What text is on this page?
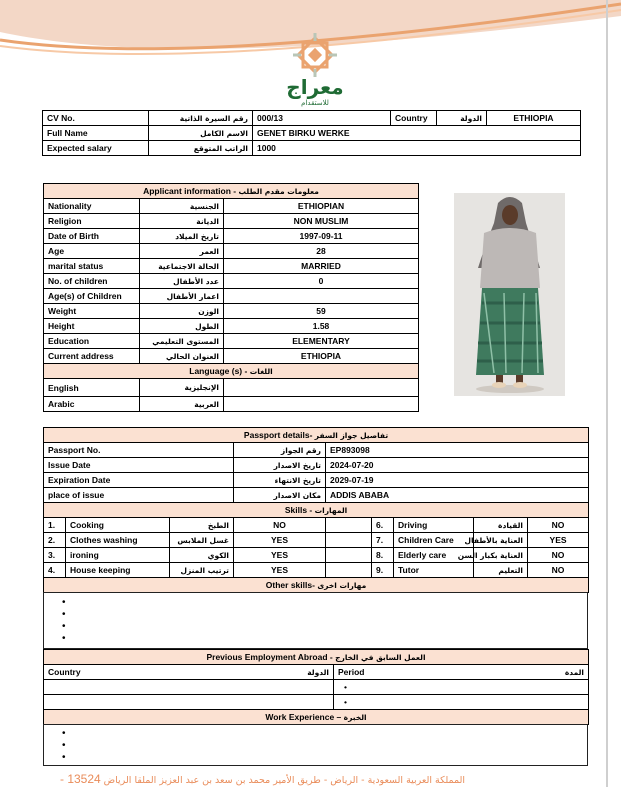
معراج
للاستقدام
CV No.	رقم السيرة الذاتية	000/13	Country	الدولة	ETHIOPIA
Full Name	الاسم الكامل	GENET BIRKU WERKE			
Expected salary	الراتب المتوقع	1000			
Applicant information - معلومات مقدم الطلب		
Nationality	الجنسية	ETHIOPIAN
Religion	الديانة	NON MUSLIM
Date of Birth	تاريخ الميلاد	1997-09-11
Age	العمر	28
marital status	الحالة الاجتماعية	MARRIED
No. of children	عدد الأطفال	0
Age(s) of Children	اعمار الأطفال	
Weight	الوزن	59
Height	الطول	1.58
Education	المستوى التعليمي	ELEMENTARY
Current address	العنوان الحالي	ETHIOPIA
Language (s) - اللغات		
English	الإنجليزية	
Arabic	العربية	
Passport details- تفاصيل جواز السفر								
Passport No.			رقم الجواز	EP893098				
Issue Date			تاريخ الاصدار	2024-07-20				
Expiration Date			تاريخ الانتهاء	2029-07-19				
place of issue			مكان الاصدار	ADDIS ABABA				
Skills - المهارات								
1.	Cooking	الطبخ	NO		6.	Driving	القيادة	NO
2.	Clothes washing	غسل الملابس	YES		7.	Children Care	العناية بالأطفال	YES
3.	ironing	الكوي	YES		8.	Elderly care	العناية بكبار السن	NO
4.	House keeping	ترتيب المنزل	YES		9.	Tutor	التعليم	NO
Other skills- مهارات اخرى								
•
•
•
•
Previous Employment Abroad - العمل السابق في الخارج			
Country	الدولة	Period	المدة
		•	
		•	
Work Experience – الخبرة			
•
•
•
- 13524 المملكة العربية السعودية - الرياض - طريق الأمير محمد بن سعد بن عبد العزيز الملقا الرياض
